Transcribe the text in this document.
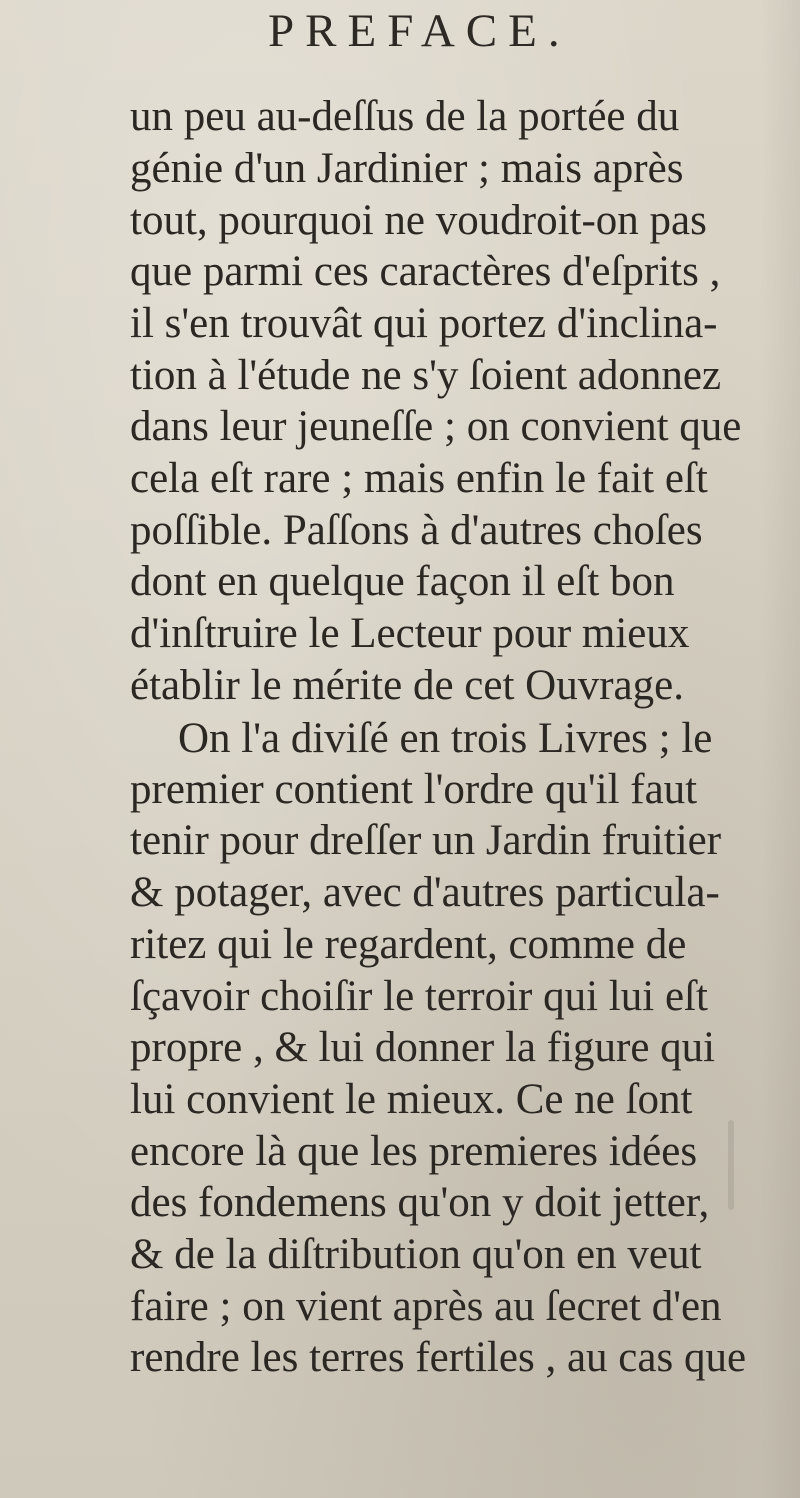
PREFACE.
un peu au-deſſus de la portée du
génie d'un Jardinier ; mais après
tout, pourquoi ne voudroit-on pas
que parmi ces caractères d'eſprits ,
il s'en trouvât qui portez d'inclina-
tion à l'étude ne s'y ſoient adonnez
dans leur jeuneſſe ; on convient que
cela eſt rare ; mais enfin le fait eſt
poſſible. Paſſons à d'autres choſes
dont en quelque façon il eſt bon
d'inſtruire le Lecteur pour mieux
établir le mérite de cet Ouvrage.
On l'a diviſé en trois Livres ; le
premier contient l'ordre qu'il faut
tenir pour dreſſer un Jardin fruitier
& potager, avec d'autres particula-
ritez qui le regardent, comme de
ſçavoir choiſir le terroir qui lui eſt
propre , & lui donner la figure qui
lui convient le mieux. Ce ne ſont
encore là que les premieres idées
des fondemens qu'on y doit jetter,
& de la diſtribution qu'on en veut
faire ; on vient après au ſecret d'en
rendre les terres fertiles , au cas que
